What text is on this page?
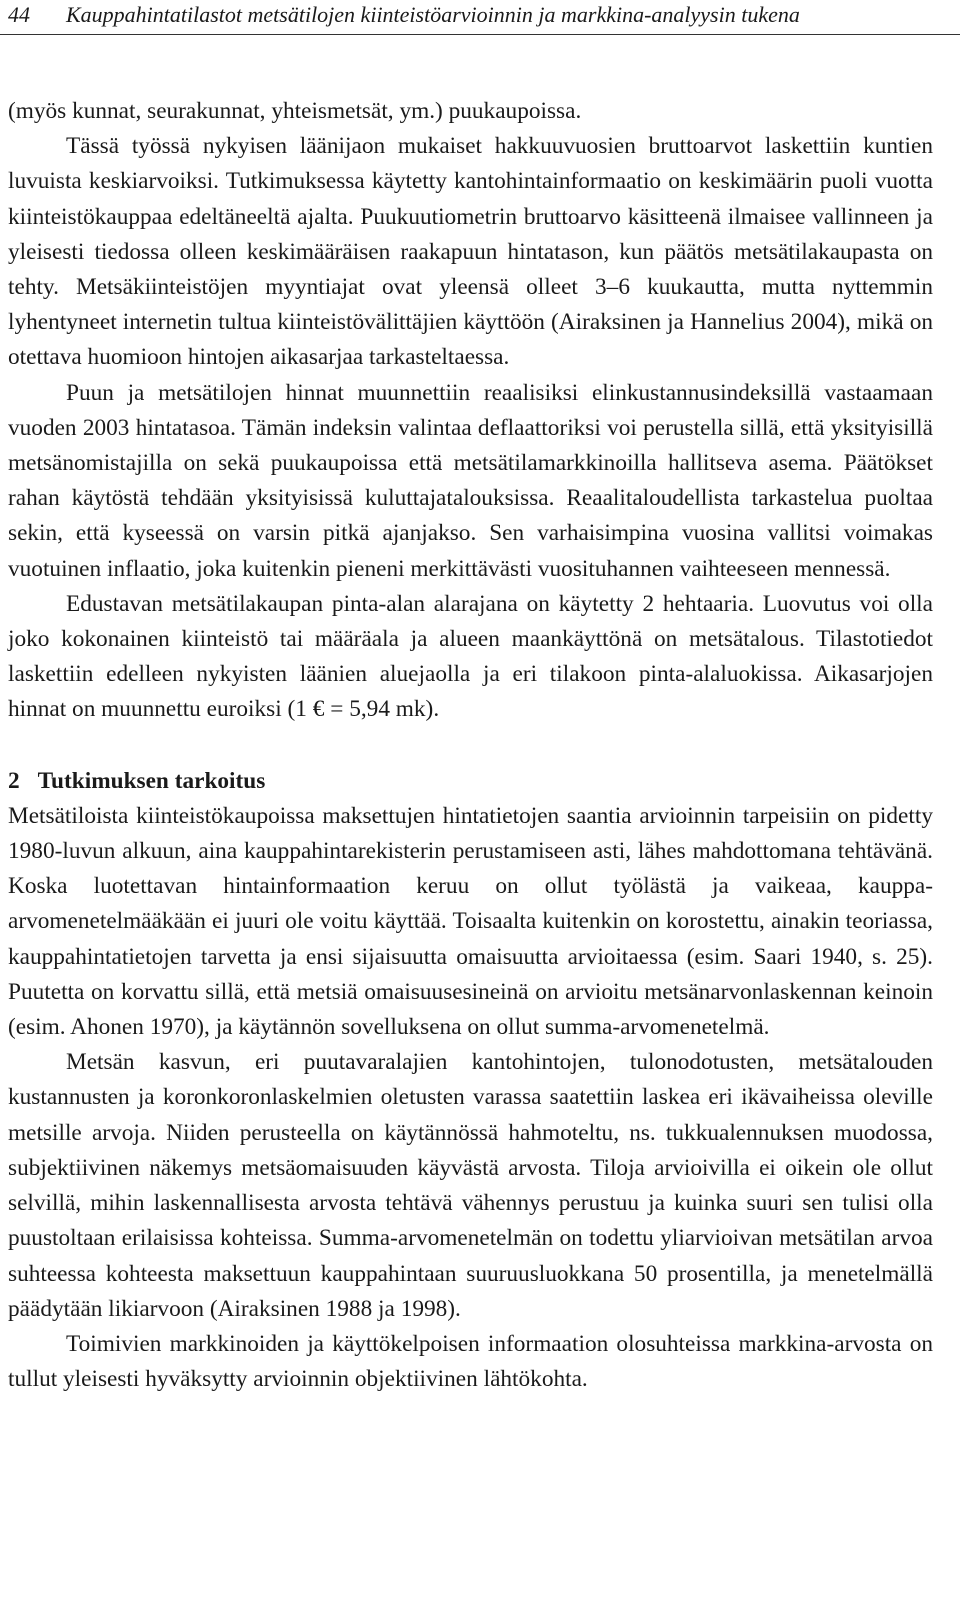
44 Kauppahintatilastot metsätilojen kiinteistöarvioinnin ja markkina-analyysin tukena

(myös kunnat, seurakunnat, yhteismetsät, ym.) puukaupoissa.

Tässä työssä nykyisen läänijaon mukaiset hakkuuvuosien bruttoarvot laskettiin kuntien luvuista keskiarvoiksi. Tutkimuksessa käytetty kantohintainformaatio on keskimäärin puoli vuotta kiinteistökauppaa edeltäneeltä ajalta. Puukuutiometrin bruttoarvo käsitteenä ilmaisee vallinneen ja yleisesti tiedossa olleen keskimääräisen raakapuun hintatason, kun päätös metsätilakaupasta on tehty. Metsäkiinteistöjen myyntiajat ovat yleensä olleet 3–6 kuukautta, mutta nyttemmin lyhentyneet internetin tultua kiinteistövälittäjien käyttöön (Airaksinen ja Hannelius 2004), mikä on otettava huomioon hintojen aikasarjaa tarkasteltaessa.

Puun ja metsätilojen hinnat muunnettiin reaalisiksi elinkustannusindeksillä vastaamaan vuoden 2003 hintatasoa. Tämän indeksin valintaa deflaattoriksi voi perustella sillä, että yksityisillä metsänomistajilla on sekä puukaupoissa että metsätilamarkkinoilla hallitseva asema. Päätökset rahan käytöstä tehdään yksityisissä kuluttajatalouksissa. Reaalitaloudellista tarkastelua puoltaa sekin, että kyseessä on varsin pitkä ajanjakso. Sen varhaisimpina vuosina vallitsi voimakas vuotuinen inflaatio, joka kuitenkin pieneni merkittävästi vuosituhannen vaihteeseen mennessä.

Edustavan metsätilakaupan pinta-alan alarajana on käytetty 2 hehtaaria. Luovutus voi olla joko kokonainen kiinteistö tai määräala ja alueen maankäyttönä on metsätalous. Tilastotiedot laskettiin edelleen nykyisten läänien aluejaolla ja eri tilakoon pinta-alaluokissa. Aikasarjojen hinnat on muunnettu euroiksi (1 € = 5,94 mk).

2 Tutkimuksen tarkoitus

Metsätiloista kiinteistökaupoissa maksettujen hintatietojen saantia arvioinnin tarpeisiin on pidetty 1980-luvun alkuun, aina kauppahintarekisterin perustamiseen asti, lähes mahdottomana tehtävänä. Koska luotettavan hintainformaation keruu on ollut työlästä ja vaikeaa, kauppa-arvomenetelmääkään ei juuri ole voitu käyttää. Toisaalta kuitenkin on korostettu, ainakin teoriassa, kauppahintatietojen tarvetta ja ensi sijaisuutta omaisuutta arvioitaessa (esim. Saari 1940, s. 25). Puutetta on korvattu sillä, että metsiä omaisuusesineinä on arvioitu metsänarvonlaskennan keinoin (esim. Ahonen 1970), ja käytännön sovelluksena on ollut summa-arvomenetelmä.

Metsän kasvun, eri puutavaralajien kantohintojen, tulonodotusten, metsätalouden kustannusten ja koronkoronlaskelmien oletusten varassa saatettiin laskea eri ikävaiheissa oleville metsille arvoja. Niiden perusteella on käytännössä hahmoteltu, ns. tukkualennuksen muodossa, subjektiivinen näkemys metsäomaisuuden käyvästä arvosta. Tiloja arvioivilla ei oikein ole ollut selvillä, mihin laskennallisesta arvosta tehtävä vähennys perustuu ja kuinka suuri sen tulisi olla puustoltaan erilaisissa kohteissa. Summa-arvomenetelmän on todettu yliarvioivan metsätilan arvoa suhteessa kohteesta maksettuun kauppahintaan suuruusluokkana 50 prosentilla, ja menetelmällä päädytään likiarvoon (Airaksinen 1988 ja 1998).

Toimivien markkinoiden ja käyttökelpoisen informaation olosuhteissa markkina-arvosta on tullut yleisesti hyväksytty arvioinnin objektiivinen lähtökohta.
